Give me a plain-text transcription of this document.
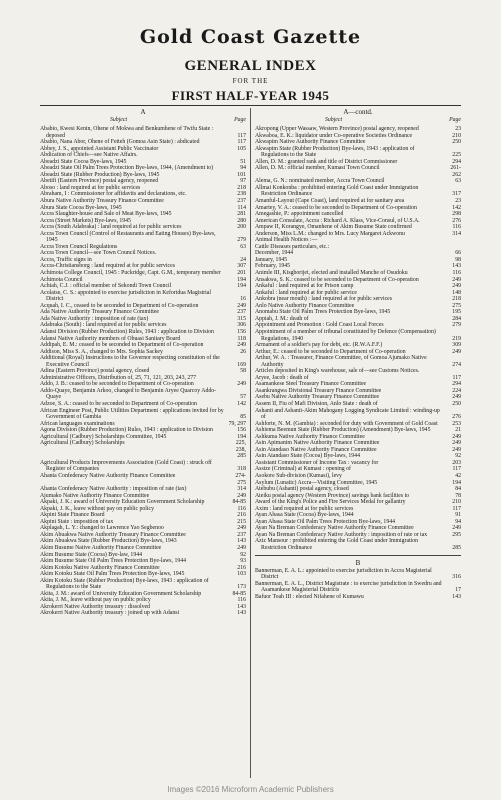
Gold Coast Gazette
GENERAL INDEX
FOR THE
FIRST HALF-YEAR 1945
A
Subject	Page
Ababio, Kwesi Kenin, Ohene of Mokwa and Benkumhene of Twifu State : deposed	117
Ababio, Nana Abor, Ohene of Fetteh (Gomoa Asin State) : abdicated	117
Abbey, J. S., appointed Assistant Public Vaccinator	105
Abdication of Chiefs—see Native Affairs.
Abeadzi State Cocoa Bye-laws, 1945	51
Abeadzi State Oil Palm Trees Protection Bye-laws, 1944, (Amendment to)	94
Abeadzi State (Rubber Production) Bye-laws, 1945	101
Abetifi (Eastern Province) postal agency, reopened	97
Aboso : land required at for public services	218
Abraham, I : Commissioner for affidavits and declarations, etc.	238
Abura Native Authority Treasury Finance Committee	237
Abura State Cocoa Bye-laws, 1945	114
Accra Slaughter-house and Sale of Meat Bye-laws, 1945	281
Accra (Street Markets) Bye-laws, 1945	280
Accra (South Adabraka) : land required at for public services	200
Accra Town Council (Control of Restaurants and Eating Houses) Bye-laws, 1945	279
Accra Town Council Regulations	63
Accra Town Council—see Town Council Notices.
Accra, Traffic signs in	24
Accra-Christiansborg : land required at for public services	307
Achimota College Council, 1945 : Puckridge, Capt. G.M., temporary member	201
Achimota Council	194
Achiah, C.J. : official member of Sekondi Town Council	194
Acolatse, C. S.: appointed to exercise jurisdiction in Keforidua Magistrial District	16
Acquah, I. C., ceased to be seconded to Department of Co-operation	249
Ada Native Authority Treasury Finance Committee	237
Ada Native Authority : imposition of rate (tax)	315
Adabraka (South) : land required at for public services	306
Adansi Division (Rubber Production) Rules, 1943 : application to Division	156
Adansi Native Authority members of Obuasi Sanitary Board	118
Addipah, E. M.: ceased to be seconded to Department of Co-operation	249
Addison, Miss S. A., changed to Mrs. Sophia Sackey	26
Additional (Royal) Instructions to the Governor respecting constitution of the Executive Council	169
Adina (Eastern Province) postal agency, closed	58
Administrative Officers, Distribution of, 25, 71, 121, 203, 243, 277
Addo, J. B.: ceased to be seconded to Department of Co-operation	249
Addo-Quaye, Benjamin Arkoo, changed to Benjamin Aryee Quarcoy Addo-Quaye	57
Adzoe, S. A.: ceased to be seconded to Department of Co-operation	142
African Engineer Post, Public Utilities Department : applications invited for by Government of Gambia	85
African languages examinations	79, 297
Agona Division (Rubber Production) Rules, 1943 : application to Division	156
Agricultural (Cadbury) Scholarships Committee, 1945	194
Agricultural (Cadbury) Scholarships	225, 238, 285
Agricultural Products Improvements Association (Gold Coast) : struck off Register of Companies	318
Ahanta Confederacy Native Authority Finance Committee	274-275
Ahanta Confederacy Native Authority : imposition of rate (tax)	314
Ajumako Native Authority Finance Committee	249
Akpaki, J. K.: award of University Education Government Scholarship	84-85
Akpaki, J. K., leave without pay on public policy	116
Akpini State Finance Board	216
Akpini State : imposition of tax	215
Akplagah, L. Y.: changed to Lawrence Yao Segbenoo	249
Akim Abuakwa Native Authority Treasury Finance Committee	237
Akim Abuakwa State (Rubber Production) Bye-laws, 1943	143
Akim Busume Native Authority Finance Committee	249
Akim Busume State (Cocoa) Bye-law, 1944	92
Akim Busume State Oil Palm Trees Protection Bye-laws, 1944	93
Akim Kotoku Native Authority Finance Committee	216
Akim Kotoku State Oil Palm Trees Protection Bye-laws, 1945	103
Akim Kotoku State (Rubber Production) Bye-laws, 1943 : application of Regulations to the State	173
Akita, J. M.: award of University Education Government Scholarship	84-85
Akita, J. M., leave without pay on public policy	116
Akrokerri Native Authority treasury : dissolved	143
Akrokerri Native Authority treasury : joined up with Adansi	143
A—contd.
Subject	Page
Akropong (Upper Wassaw, Western Province) postal agency, reopened	23
Akwaboa, E. K.: liquidator under Co-operative Societies Ordinance	210
Akwapim Native Authority Finance Committee	250
Akwapim State (Rubber Production) Bye-laws, 1943 : application of Regulations to the State	225
Allen, D. M.: granted rank and title of District Commissioner	294
Allen, D. M.: official member, Kumasi Town Council	261-262
Alema, G. N.: nominated member, Accra Town Council	63
Allmai Konkonba : prohibited entering Gold Coast under Immigration Restriction Ordinance	317
Amanful-Layout (Cape Coast), land required at for sanitary area	23
Amartey, V. A.: ceased to be seconded to Department of Co-operation	142
Amegashie, P.: appointment cancelled	298
American Consulate, Accra : Richard A. Klass, Vice-Consul, of U.S.A.	276
Ampaw II, Korangye, Omanhene of Akim Busume State confirmed	116
Anderson, Miss L.M.: changed to Mrs. Lucy Margaret Ackwonu	314
Animal Health Notices :—
Cattle Diseases particulars, etc.:
December, 1944	66
January, 1945	98
February, 1945	143
Animle III, Kisgborijet, elected and installed Manche of Osudoku	116
Ansakwa, S. K.: ceased to be seconded to Department of Co-operation	249
Ankaful : land required at for Prison camp	249
Ankaful : land required at for public service	148
Ankobra (near mouth) : land required at for public services	218
Anlo Native Authority Finance Committee	275
Anomabu State Oil Palm Trees Protection Bye-laws, 1945	195
Appiah, J. M.: death of	284
Appointment and Promotion : Gold Coast Local Forces	279
Appointment of a member of tribunal constituted by Defence (Compensation) Regulations, 1940	219
Armament of a soldier's pay for debt, etc. (R.W.A.F.F.)	309
Arthur, E.: ceased to be seconded to Department of Co-operation	249
Arthur, W. A. : Treasurer, Finance Committee, of Gomoa Ajumako Native Authority	274
Articles deposited in King's warehouse, sale of—see Customs Notices.
Aryee, Jacob : death of	117
Asamankese Steel Treasury Finance Committee	294
Asankrangwa Divisional Treasury Finance Committee	224
Asebu Native Authority Treasury Finance Committee	249
Assem II, Fiu of Mafi Division, Anlo State : death of	250
Ashanti and Ashanti-Akim Mahogany Logging Syndicate Limited : winding-up of	276
Ashforte, N. M. (Gambia) : seconded for duty with Government of Gold Coast	253
Ashiema Beemun State (Rubber Production) (Amendment) Bye-laws, 1945	21
Ashkuma Native Authority Finance Committee	249
Asin Apimanim Native Authority Finance Committee	249
Asin Atandaso Native Authority Finance Committee	249
Asin Atandaso State (Cocoa) Bye-laws, 1944	92
Assistant Commissioner of Income Tax : vacancy for	203
Assize (Criminal) at Kumasi : opening of	117
Asokore Sub-division (Kumasi), levy	42
Asylum (Lunatic) Accra—Visiting Committee, 1945	194
Atebubu (Ashanti) postal agency, closed	84
Ateiku postal agency (Western Province) savings bank facilities to	78
Award of the King's Police and Fire Services Medal for gallantry	210
Axim : land required at for public services	117
Ayan Abasa State (Cocoa) Bye-laws, 1944	91
Ayan Abasa State Oil Palm Trees Protection Bye-laws, 1944	94
Ayan Na Breman Confederacy Native Authority Finance Committee	249
Ayan Na Breman Confederacy Native Authority : imposition of rate or tax	295
Aziz Mansour : prohibited entering the Gold Coast under Immigration Restriction Ordinance	285
B
Bannerman, E. A. L.: appointed to exercise jurisdiction in Accra Magisterial District	316
Bannerman, E. A. L., District Magistrate : to exercise jurisdiction in Swedru and Asamankese Magisterial Districts	17
Bafuor Toah III : elected Nifahene of Kumawu	143
Images ©2016 Microform Academic Publishers
